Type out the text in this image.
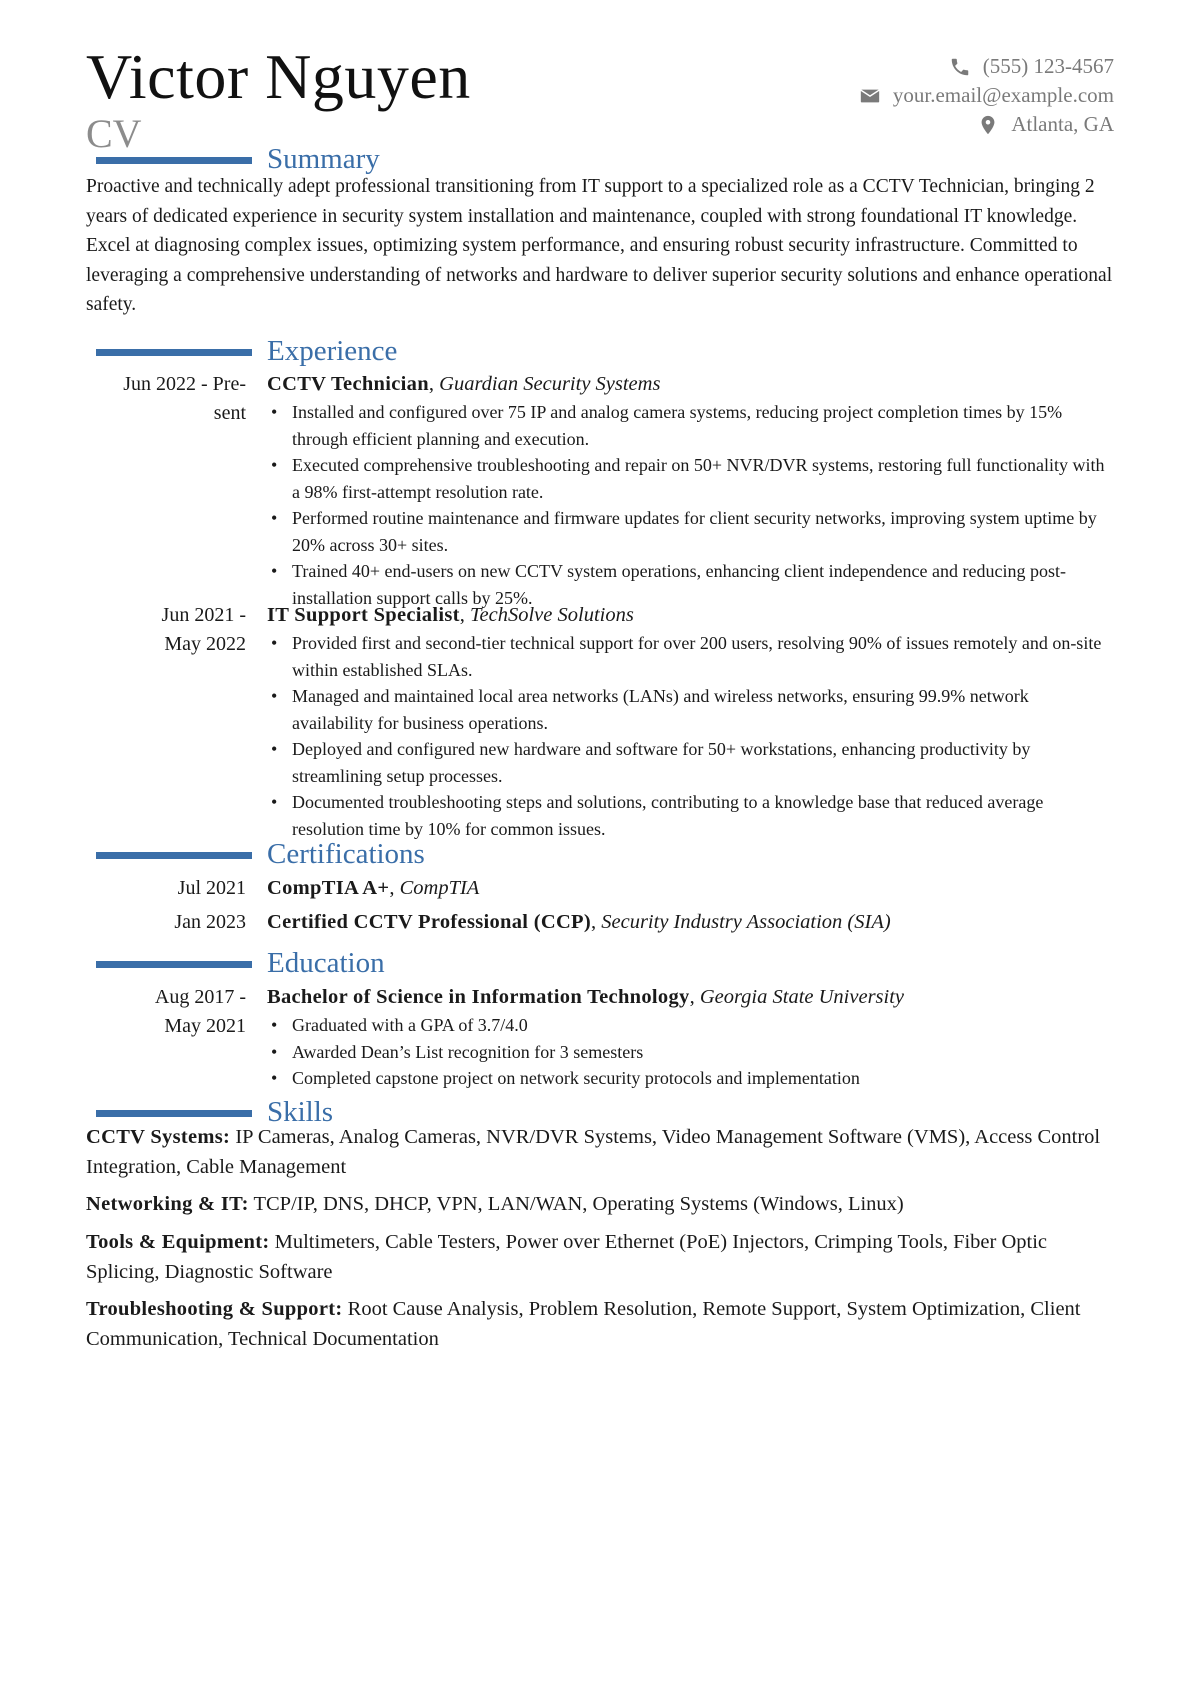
Victor Nguyen
CV
(555) 123-4567
your.email@example.com
Atlanta, GA
Summary
Proactive and technically adept professional transitioning from IT support to a specialized role as a CCTV Technician, bringing 2 years of dedicated experience in security system installation and maintenance, coupled with strong foundational IT knowledge. Excel at diagnosing complex issues, optimizing system performance, and ensuring robust security infrastructure. Committed to leveraging a comprehensive understanding of networks and hardware to deliver superior security solutions and enhance operational safety.
Experience
Jun 2022 - Pre-
sent
CCTV Technician, Guardian Security Systems
• Installed and configured over 75 IP and analog camera systems, reducing project completion times by 15% through efficient planning and execution.
• Executed comprehensive troubleshooting and repair on 50+ NVR/DVR systems, restoring full functionality with a 98% first-attempt resolution rate.
• Performed routine maintenance and firmware updates for client security networks, improving system uptime by 20% across 30+ sites.
• Trained 40+ end-users on new CCTV system operations, enhancing client independence and reducing post-installation support calls by 25%.
Jun 2021 -
May 2022
IT Support Specialist, TechSolve Solutions
• Provided first and second-tier technical support for over 200 users, resolving 90% of issues remotely and on-site within established SLAs.
• Managed and maintained local area networks (LANs) and wireless networks, ensuring 99.9% network availability for business operations.
• Deployed and configured new hardware and software for 50+ workstations, enhancing productivity by streamlining setup processes.
• Documented troubleshooting steps and solutions, contributing to a knowledge base that reduced average resolution time by 10% for common issues.
Certifications
Jul 2021 CompTIA A+, CompTIA
Jan 2023 Certified CCTV Professional (CCP), Security Industry Association (SIA)
Education
Aug 2017 -
May 2021
Bachelor of Science in Information Technology, Georgia State University
• Graduated with a GPA of 3.7/4.0
• Awarded Dean’s List recognition for 3 semesters
• Completed capstone project on network security protocols and implementation
Skills
CCTV Systems: IP Cameras, Analog Cameras, NVR/DVR Systems, Video Management Software (VMS), Access Control Integration, Cable Management
Networking & IT: TCP/IP, DNS, DHCP, VPN, LAN/WAN, Operating Systems (Windows, Linux)
Tools & Equipment: Multimeters, Cable Testers, Power over Ethernet (PoE) Injectors, Crimping Tools, Fiber Optic Splicing, Diagnostic Software
Troubleshooting & Support: Root Cause Analysis, Problem Resolution, Remote Support, System Optimization, Client Communication, Technical Documentation
